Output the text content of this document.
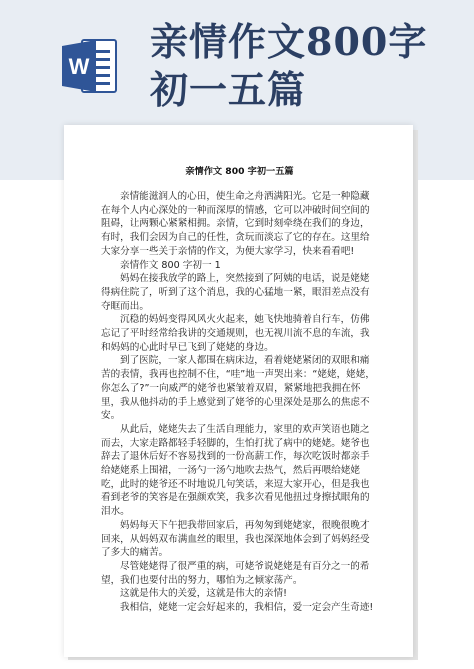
W
亲情作文800字
初一五篇
亲情作文 800 字初一五篇

亲情能滋润人的心田，使生命之舟洒满阳光。它是一种隐藏在每个人内心深处的一种而深厚的情感，它可以冲破时间空间的阻碍，让两颗心紧紧相拥。亲情，它到时刻牵绕在我们的身边，有时，我们会因为自己的任性，贪玩而淡忘了它的存在。这里给大家分享一些关于亲情的作文，为便大家学习，快来看看吧!

亲情作文 800 字初一 1

妈妈在接我放学的路上，突然接到了阿姨的电话，说是姥姥得病住院了，听到了这个消息，我的心猛地一紧，眼泪差点没有夺眶而出。

沉稳的妈妈变得风风火火起来，她飞快地骑着自行车，仿佛忘记了平时经常给我讲的交通规则，也无视川流不息的车流，我和妈妈的心此时早已飞到了姥姥的身边。

到了医院，一家人都围在病床边，看着姥姥紧闭的双眼和痛苦的表情，我再也控制不住，“哇”地一声哭出来：“姥姥，姥姥，你怎么了?”一向威严的姥爷也紧皱着双眉，紧紧地把我拥在怀里，我从他抖动的手上感觉到了姥爷的心里深处是那么的焦虑不安。

从此后，姥姥失去了生活自理能力，家里的欢声笑语也随之而去，大家走路都轻手轻脚的，生怕打扰了病中的姥姥。姥爷也辞去了退休后好不容易找到的一份高薪工作，每次吃饭时都亲手给姥姥系上围裙，一汤勺一汤勺地吹去热气，然后再喂给姥姥吃，此时的姥爷还不时地说几句笑话，来逗大家开心，但是我也看到老爷的笑容是在强颜欢笑，我多次看见他扭过身擦拭眼角的泪水。

妈妈每天下午把我带回家后，再匆匆到姥姥家，很晚很晚才回来，从妈妈双布满血丝的眼里，我也深深地体会到了妈妈经受了多大的痛苦。

尽管姥姥得了很严重的病，可姥爷说姥姥是有百分之一的希望，我们也要付出的努力，哪怕为之倾家荡产。

这就是伟大的关爱，这就是伟大的亲情!

我相信，姥姥一定会好起来的，我相信，爱一定会产生奇迹!
